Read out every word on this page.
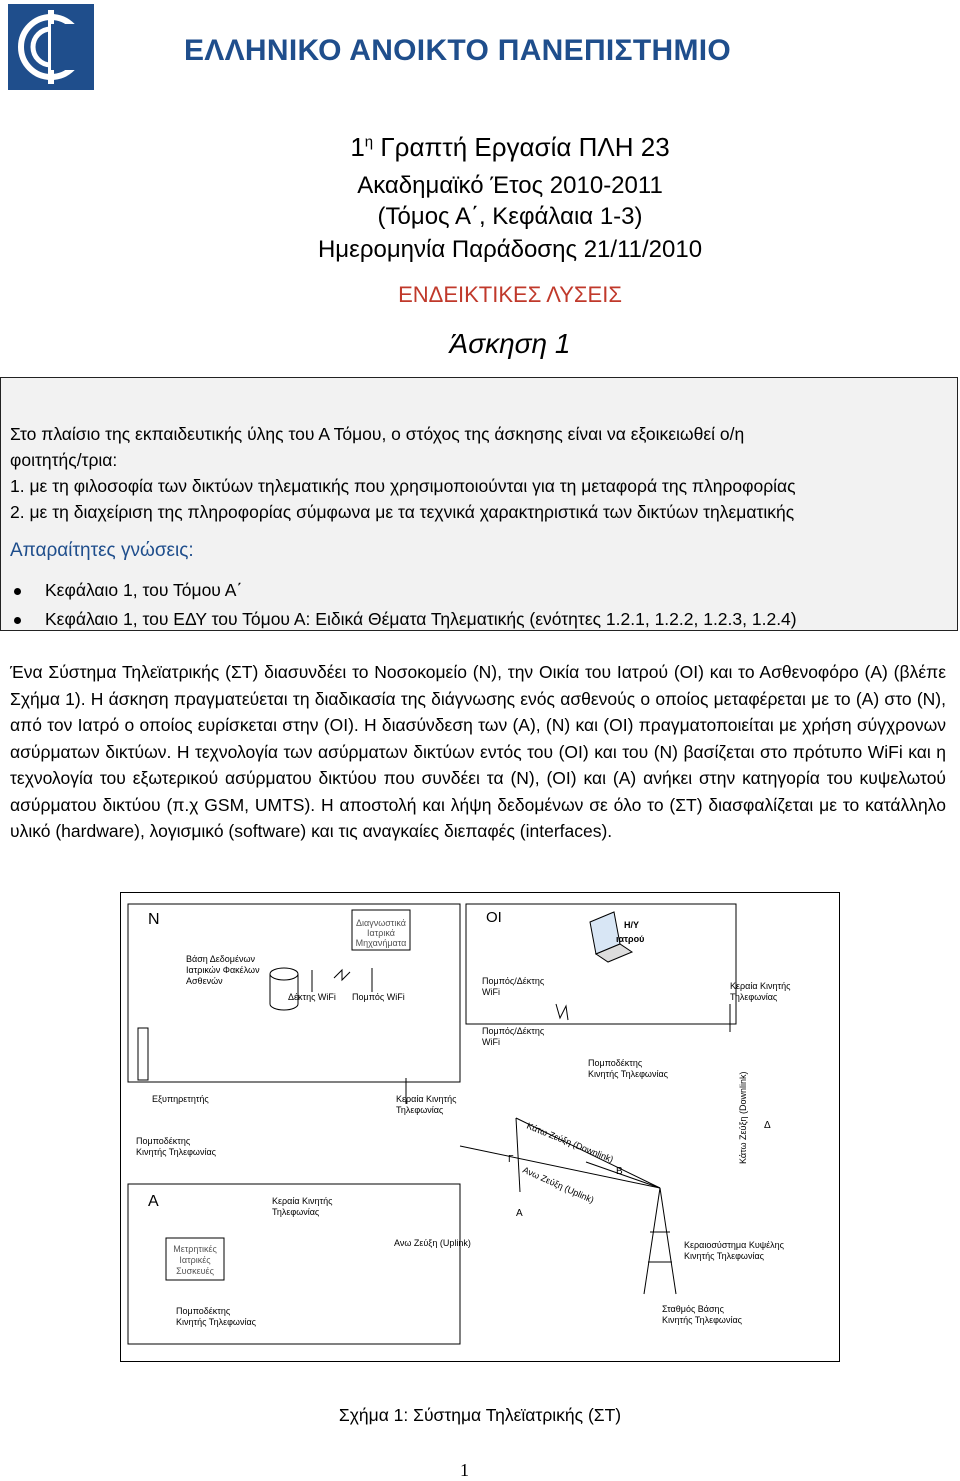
ΕΛΛΗΝΙΚΟ ΑΝΟΙΚΤΟ ΠΑΝΕΠΙΣΤΗΜΙΟ
$1^\eta$ Γραπτή Εργασία ΠΛΗ 23
Ακαδημαϊκό Έτος 2010-2011
(Τόμος Α΄, Κεφάλαια 1-3)
Ημερομηνία Παράδοσης 21/11/2010
ΕΝΔΕΙΚΤΙΚΕΣ ΛΥΣΕΙΣ
Άσκηση 1
Στο πλαίσιο της εκπαιδευτικής ύλης του Α Τόμου, ο στόχος της άσκησης είναι να εξοικειωθεί ο/η
φοιτητής/τρια:
1. με τη φιλοσοφία των δικτύων τηλεματικής που χρησιμοποιούνται για τη μεταφορά της πληροφορίας
2. με τη διαχείριση της πληροφορίας σύμφωνα με τα τεχνικά χαρακτηριστικά των δικτύων τηλεματικής
Απαραίτητες γνώσεις:
Κεφάλαιο 1, του Τόμου Α΄
Κεφάλαιο 1, του ΕΔΥ του Τόμου Α: Ειδικά Θέματα Τηλεματικής (ενότητες 1.2.1, 1.2.2, 1.2.3, 1.2.4)
Ένα Σύστημα Τηλεϊατρικής (ΣΤ) διασυνδέει το Νοσοκομείο (Ν), την Οικία του Ιατρού (ΟΙ) και το Ασθενοφόρο (Α) (βλέπε Σχήμα 1). Η άσκηση πραγματεύεται τη διαδικασία της διάγνωσης ενός ασθενούς ο οποίος μεταφέρεται με το (Α) στο (Ν), από τον Ιατρό ο οποίος ευρίσκεται στην (ΟΙ). Η διασύνδεση των (Α), (Ν) και (ΟΙ) πραγματοποιείται με χρήση σύγχρονων ασύρματων δικτύων. Η τεχνολογία των ασύρματων δικτύων εντός του (ΟΙ) και του (Ν) βασίζεται στο πρότυπο WiFi και η τεχνολογία του εξωτερικού ασύρματου δικτύου που συνδέει τα (Ν), (ΟΙ) και (Α) ανήκει στην κατηγορία του κυψελωτού ασύρματου δικτύου (π.χ GSM, UMTS). Η αποστολή και λήψη δεδομένων σε όλο το (ΣΤ) διασφαλίζεται με το κατάλληλο υλικό (hardware), λογισμικό (software) και τις αναγκαίες διεπαφές (interfaces).
Ν
Βάση Δεδομένων
Ιατρικών Φακέλων
Ασθενών
Διαγνωστικά
Ιατρικά
Μηχανήματα
Δέκτης WiFi Πομπός WiFi
Εξυπηρετητής	Κεραία Κινητής
Τηλεφωνίας
Πομποδέκτης
Κινητής Τηλεφωνίας
ΟΙ	Η/Υ
ιατρού
Πομπός/Δέκτης
WiFi
Πομπός/Δέκτης
WiFi
Κεραία Κινητής
Τηλεφωνίας
Πομποδέκτης
Κινητής Τηλεφωνίας
Α	Κεραία Κινητής
Τηλεφωνίας
Μετρητικές
Ιατρικές
Συσκευές
Πομποδέκτης
Κινητής Τηλεφωνίας
Ανω Ζεύξη (Uplink)
Κάτω Ζεύξη (Downlink)
Ανω Ζεύξη (Uplink)
Κάτω Ζεύξη (Downlink)
Γ
Β
Α
Δ
Κεραιοσύστημα Κυψέλης
Κινητής Τηλεφωνίας
Σταθμός Βάσης
Κινητής Τηλεφωνίας
Σχήμα 1: Σύστημα Τηλεϊατρικής (ΣΤ)
1
